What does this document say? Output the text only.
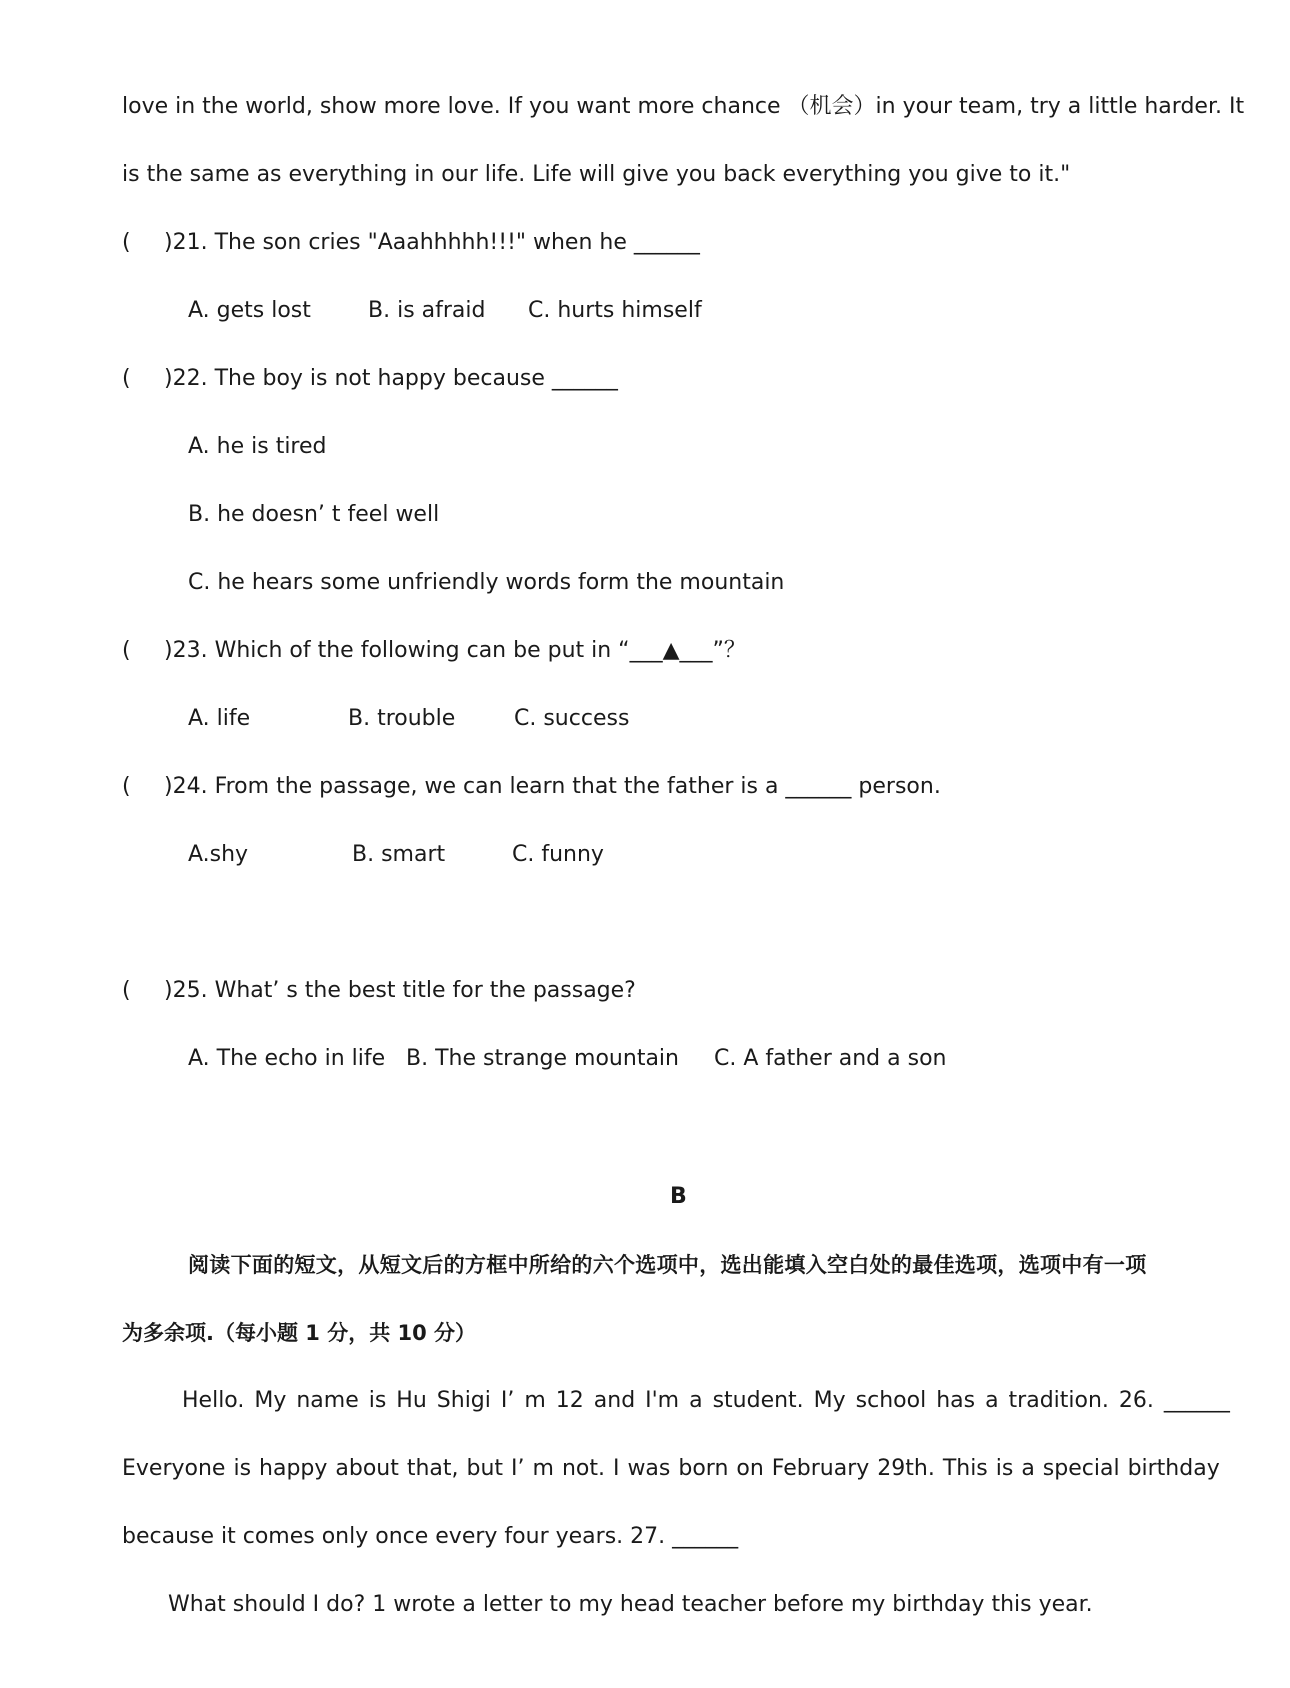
love in the world, show more love. If you want more chance （机会）in your team, try a little harder. It
is the same as everything in our life. Life will give you back everything you give to it."
( )21. The son cries "Aaahhhhh!!!" when he ______
A. gets lost	B. is afraid C. hurts himself
( )22. The boy is not happy because ______
A. he is tired
B. he doesn’ t feel well
C. he hears some unfriendly words form the mountain
( )23. Which of the following can be put in “___▲___”？
A. life	B. trouble	C. success
( )24. From the passage, we can learn that the father is a ______ person.
A.shy	B. smart	C. funny
( )25. What’ s the best title for the passage?
A. The echo in life B. The strange mountain C. A father and a son
B
阅读下面的短文，从短文后的方框中所给的六个选项中，选出能填入空白处的最佳选项，选项中有一项
为多余项.（每小题 1 分，共 10 分）
Hello. My name is Hu Shigi I’ m 12 and I'm a student. My school has a tradition. 26. ______
Everyone is happy about that, but I’ m not. I was born on February 29th. This is a special birthday
because it comes only once every four years. 27. ______
What should I do? 1 wrote a letter to my head teacher before my birthday this year.
